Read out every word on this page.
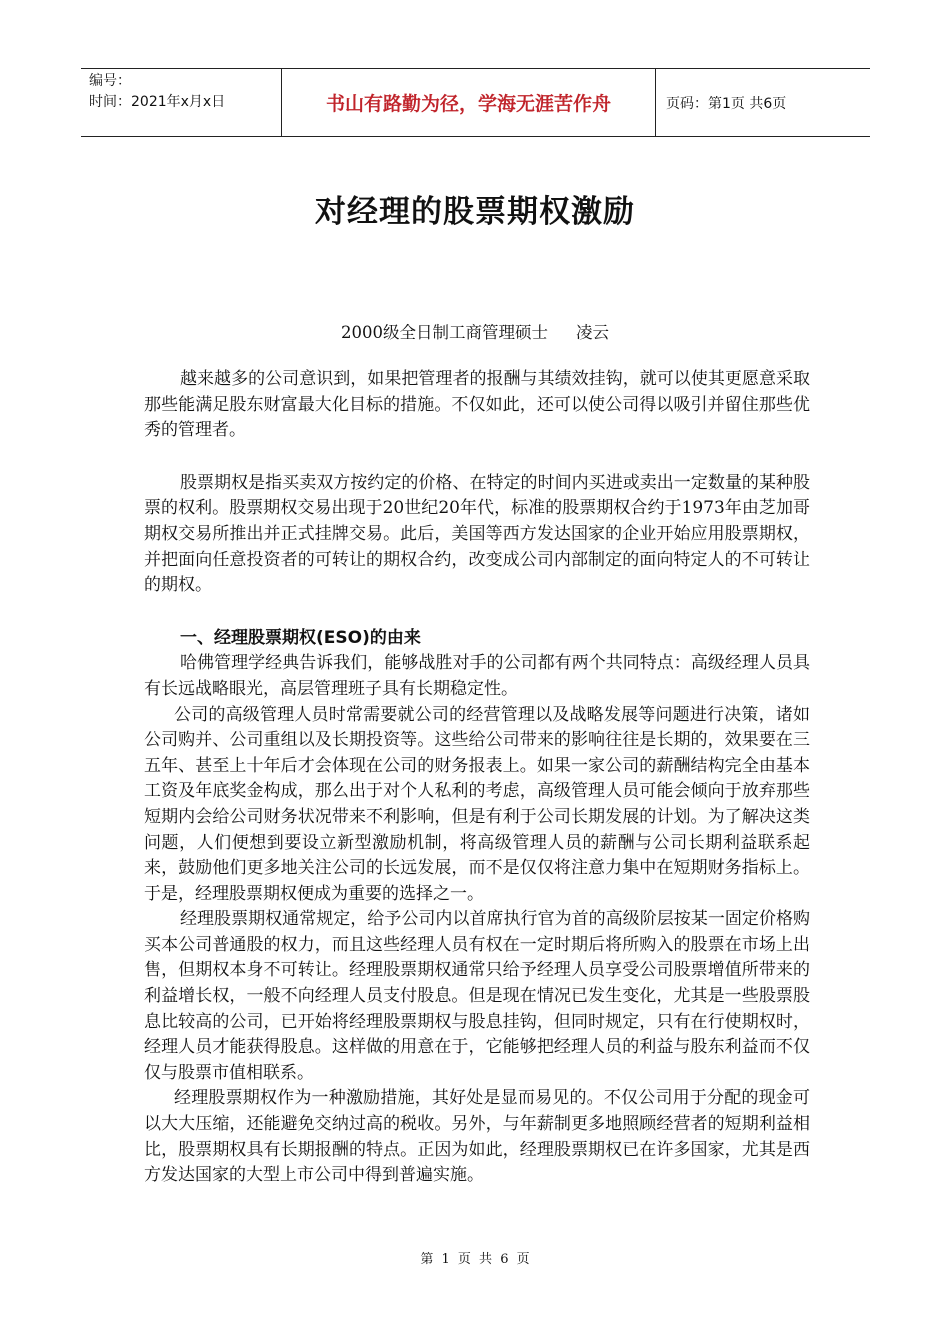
编号：
时间：2021年x月x日	书山有路勤为径，学海无涯苦作舟	页码：第1页 共6页
对经理的股票期权激励
2000级全日制工商管理硕士 凌云

越来越多的公司意识到，如果把管理者的报酬与其绩效挂钩，就可以使其更愿意采取那些能满足股东财富最大化目标的措施。不仅如此，还可以使公司得以吸引并留住那些优秀的管理者。

股票期权是指买卖双方按约定的价格、在特定的时间内买进或卖出一定数量的某种股票的权利。股票期权交易出现于20世纪20年代，标准的股票期权合约于1973年由芝加哥期权交易所推出并正式挂牌交易。此后，美国等西方发达国家的企业开始应用股票期权，并把面向任意投资者的可转让的期权合约，改变成公司内部制定的面向特定人的不可转让的期权。

一、经理股票期权(ESO)的由来

哈佛管理学经典告诉我们，能够战胜对手的公司都有两个共同特点：高级经理人员具有长远战略眼光，高层管理班子具有长期稳定性。

公司的高级管理人员时常需要就公司的经营管理以及战略发展等问题进行决策，诸如公司购并、公司重组以及长期投资等。这些给公司带来的影响往往是长期的，效果要在三五年、甚至上十年后才会体现在公司的财务报表上。如果一家公司的薪酬结构完全由基本工资及年底奖金构成，那么出于对个人私利的考虑，高级管理人员可能会倾向于放弃那些短期内会给公司财务状况带来不利影响，但是有利于公司长期发展的计划。为了解决这类问题，人们便想到要设立新型激励机制，将高级管理人员的薪酬与公司长期利益联系起来，鼓励他们更多地关注公司的长远发展，而不是仅仅将注意力集中在短期财务指标上。于是，经理股票期权便成为重要的选择之一。

经理股票期权通常规定，给予公司内以首席执行官为首的高级阶层按某一固定价格购买本公司普通股的权力，而且这些经理人员有权在一定时期后将所购入的股票在市场上出售，但期权本身不可转让。经理股票期权通常只给予经理人员享受公司股票增值所带来的利益增长权，一般不向经理人员支付股息。但是现在情况已发生变化，尤其是一些股票股息比较高的公司，已开始将经理股票期权与股息挂钩，但同时规定，只有在行使期权时，经理人员才能获得股息。这样做的用意在于，它能够把经理人员的利益与股东利益而不仅仅与股票市值相联系。

经理股票期权作为一种激励措施，其好处是显而易见的。不仅公司用于分配的现金可以大大压缩，还能避免交纳过高的税收。另外，与年薪制更多地照顾经营者的短期利益相比，股票期权具有长期报酬的特点。正因为如此，经理股票期权已在许多国家，尤其是西方发达国家的大型上市公司中得到普遍实施。

第 1 页 共 6 页
